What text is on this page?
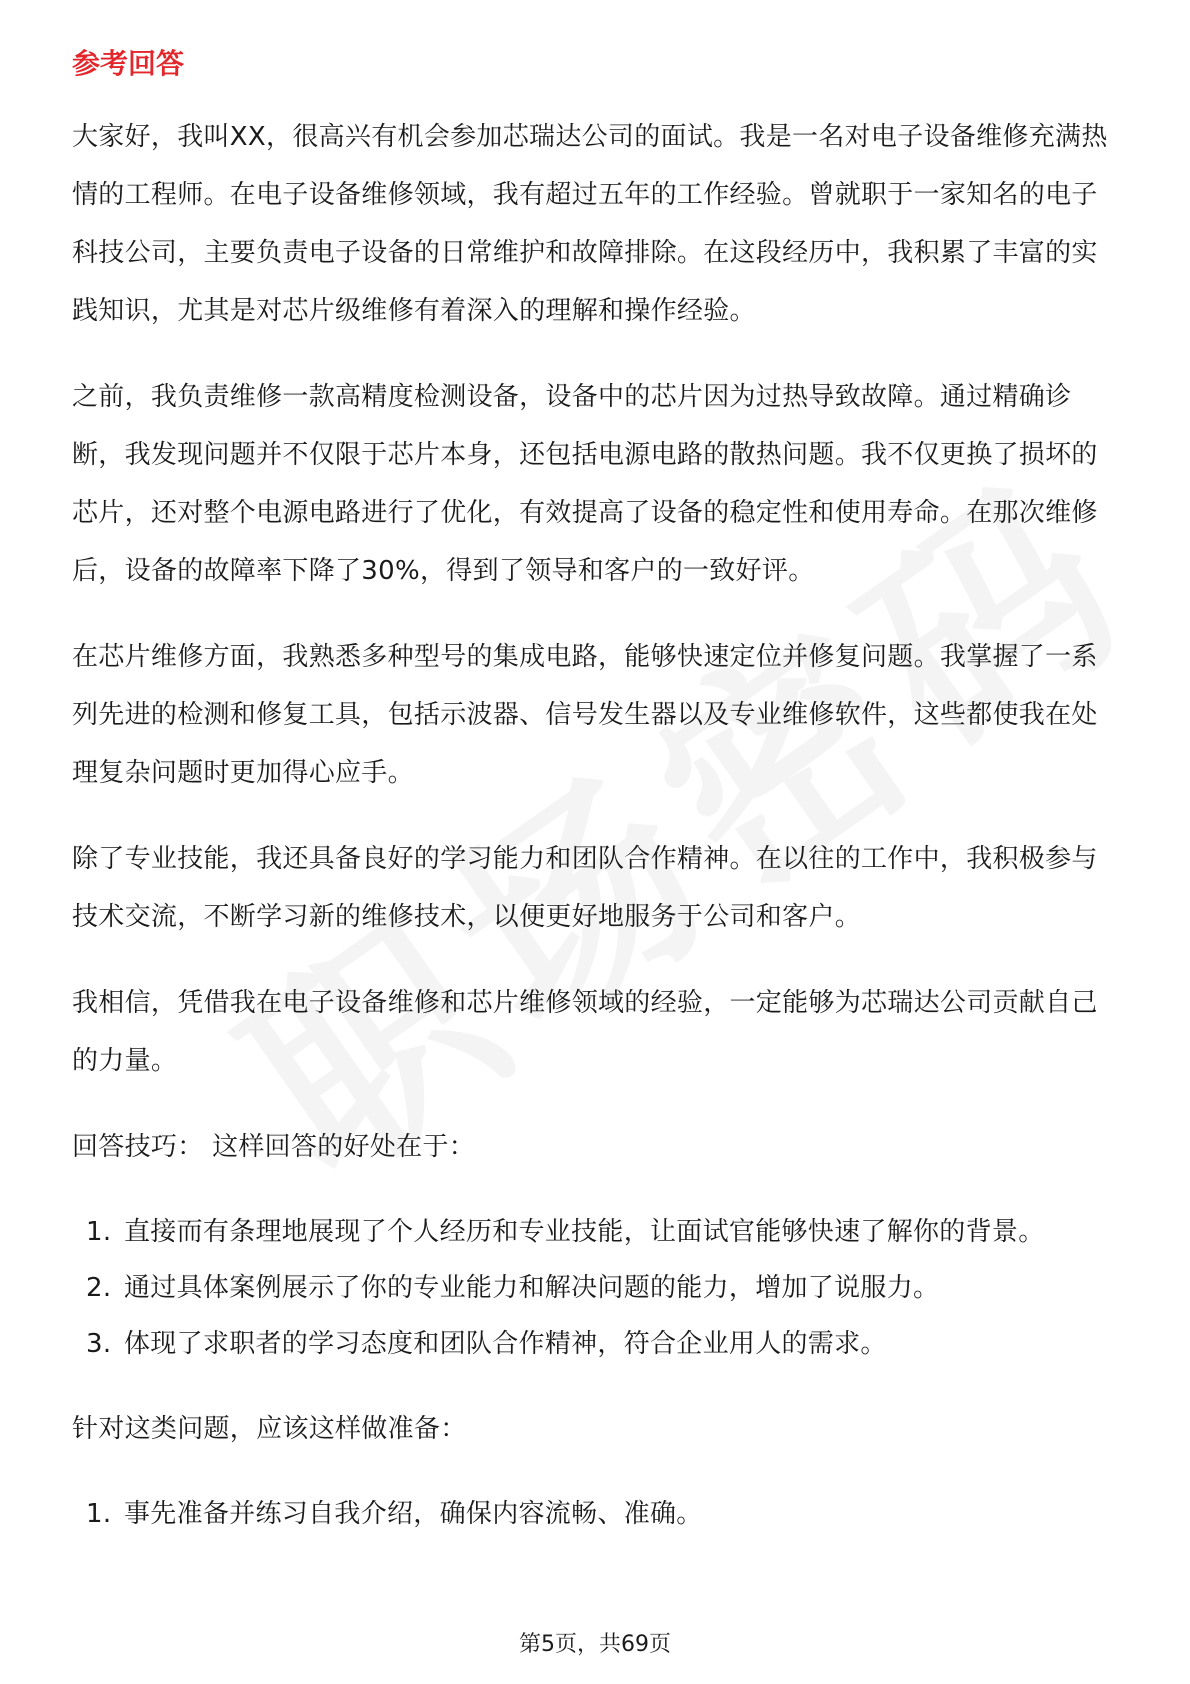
参考回答

大家好，我叫XX，很高兴有机会参加芯瑞达公司的面试。我是一名对电子设备维修充满热情的工程师。在电子设备维修领域，我有超过五年的工作经验。曾就职于一家知名的电子科技公司，主要负责电子设备的日常维护和故障排除。在这段经历中，我积累了丰富的实践知识，尤其是对芯片级维修有着深入的理解和操作经验。

之前，我负责维修一款高精度检测设备，设备中的芯片因为过热导致故障。通过精确诊断，我发现问题并不仅限于芯片本身，还包括电源电路的散热问题。我不仅更换了损坏的芯片，还对整个电源电路进行了优化，有效提高了设备的稳定性和使用寿命。在那次维修后，设备的故障率下降了30%，得到了领导和客户的一致好评。

在芯片维修方面，我熟悉多种型号的集成电路，能够快速定位并修复问题。我掌握了一系列先进的检测和修复工具，包括示波器、信号发生器以及专业维修软件，这些都使我在处理复杂问题时更加得心应手。

除了专业技能，我还具备良好的学习能力和团队合作精神。在以往的工作中，我积极参与技术交流，不断学习新的维修技术，以便更好地服务于公司和客户。

我相信，凭借我在电子设备维修和芯片维修领域的经验，一定能够为芯瑞达公司贡献自己的力量。

回答技巧： 这样回答的好处在于：

1. 直接而有条理地展现了个人经历和专业技能，让面试官能够快速了解你的背景。
2. 通过具体案例展示了你的专业能力和解决问题的能力，增加了说服力。
3. 体现了求职者的学习态度和团队合作精神，符合企业用人的需求。

针对这类问题，应该这样做准备：

1. 事先准备并练习自我介绍，确保内容流畅、准确。
第5页，共69页
